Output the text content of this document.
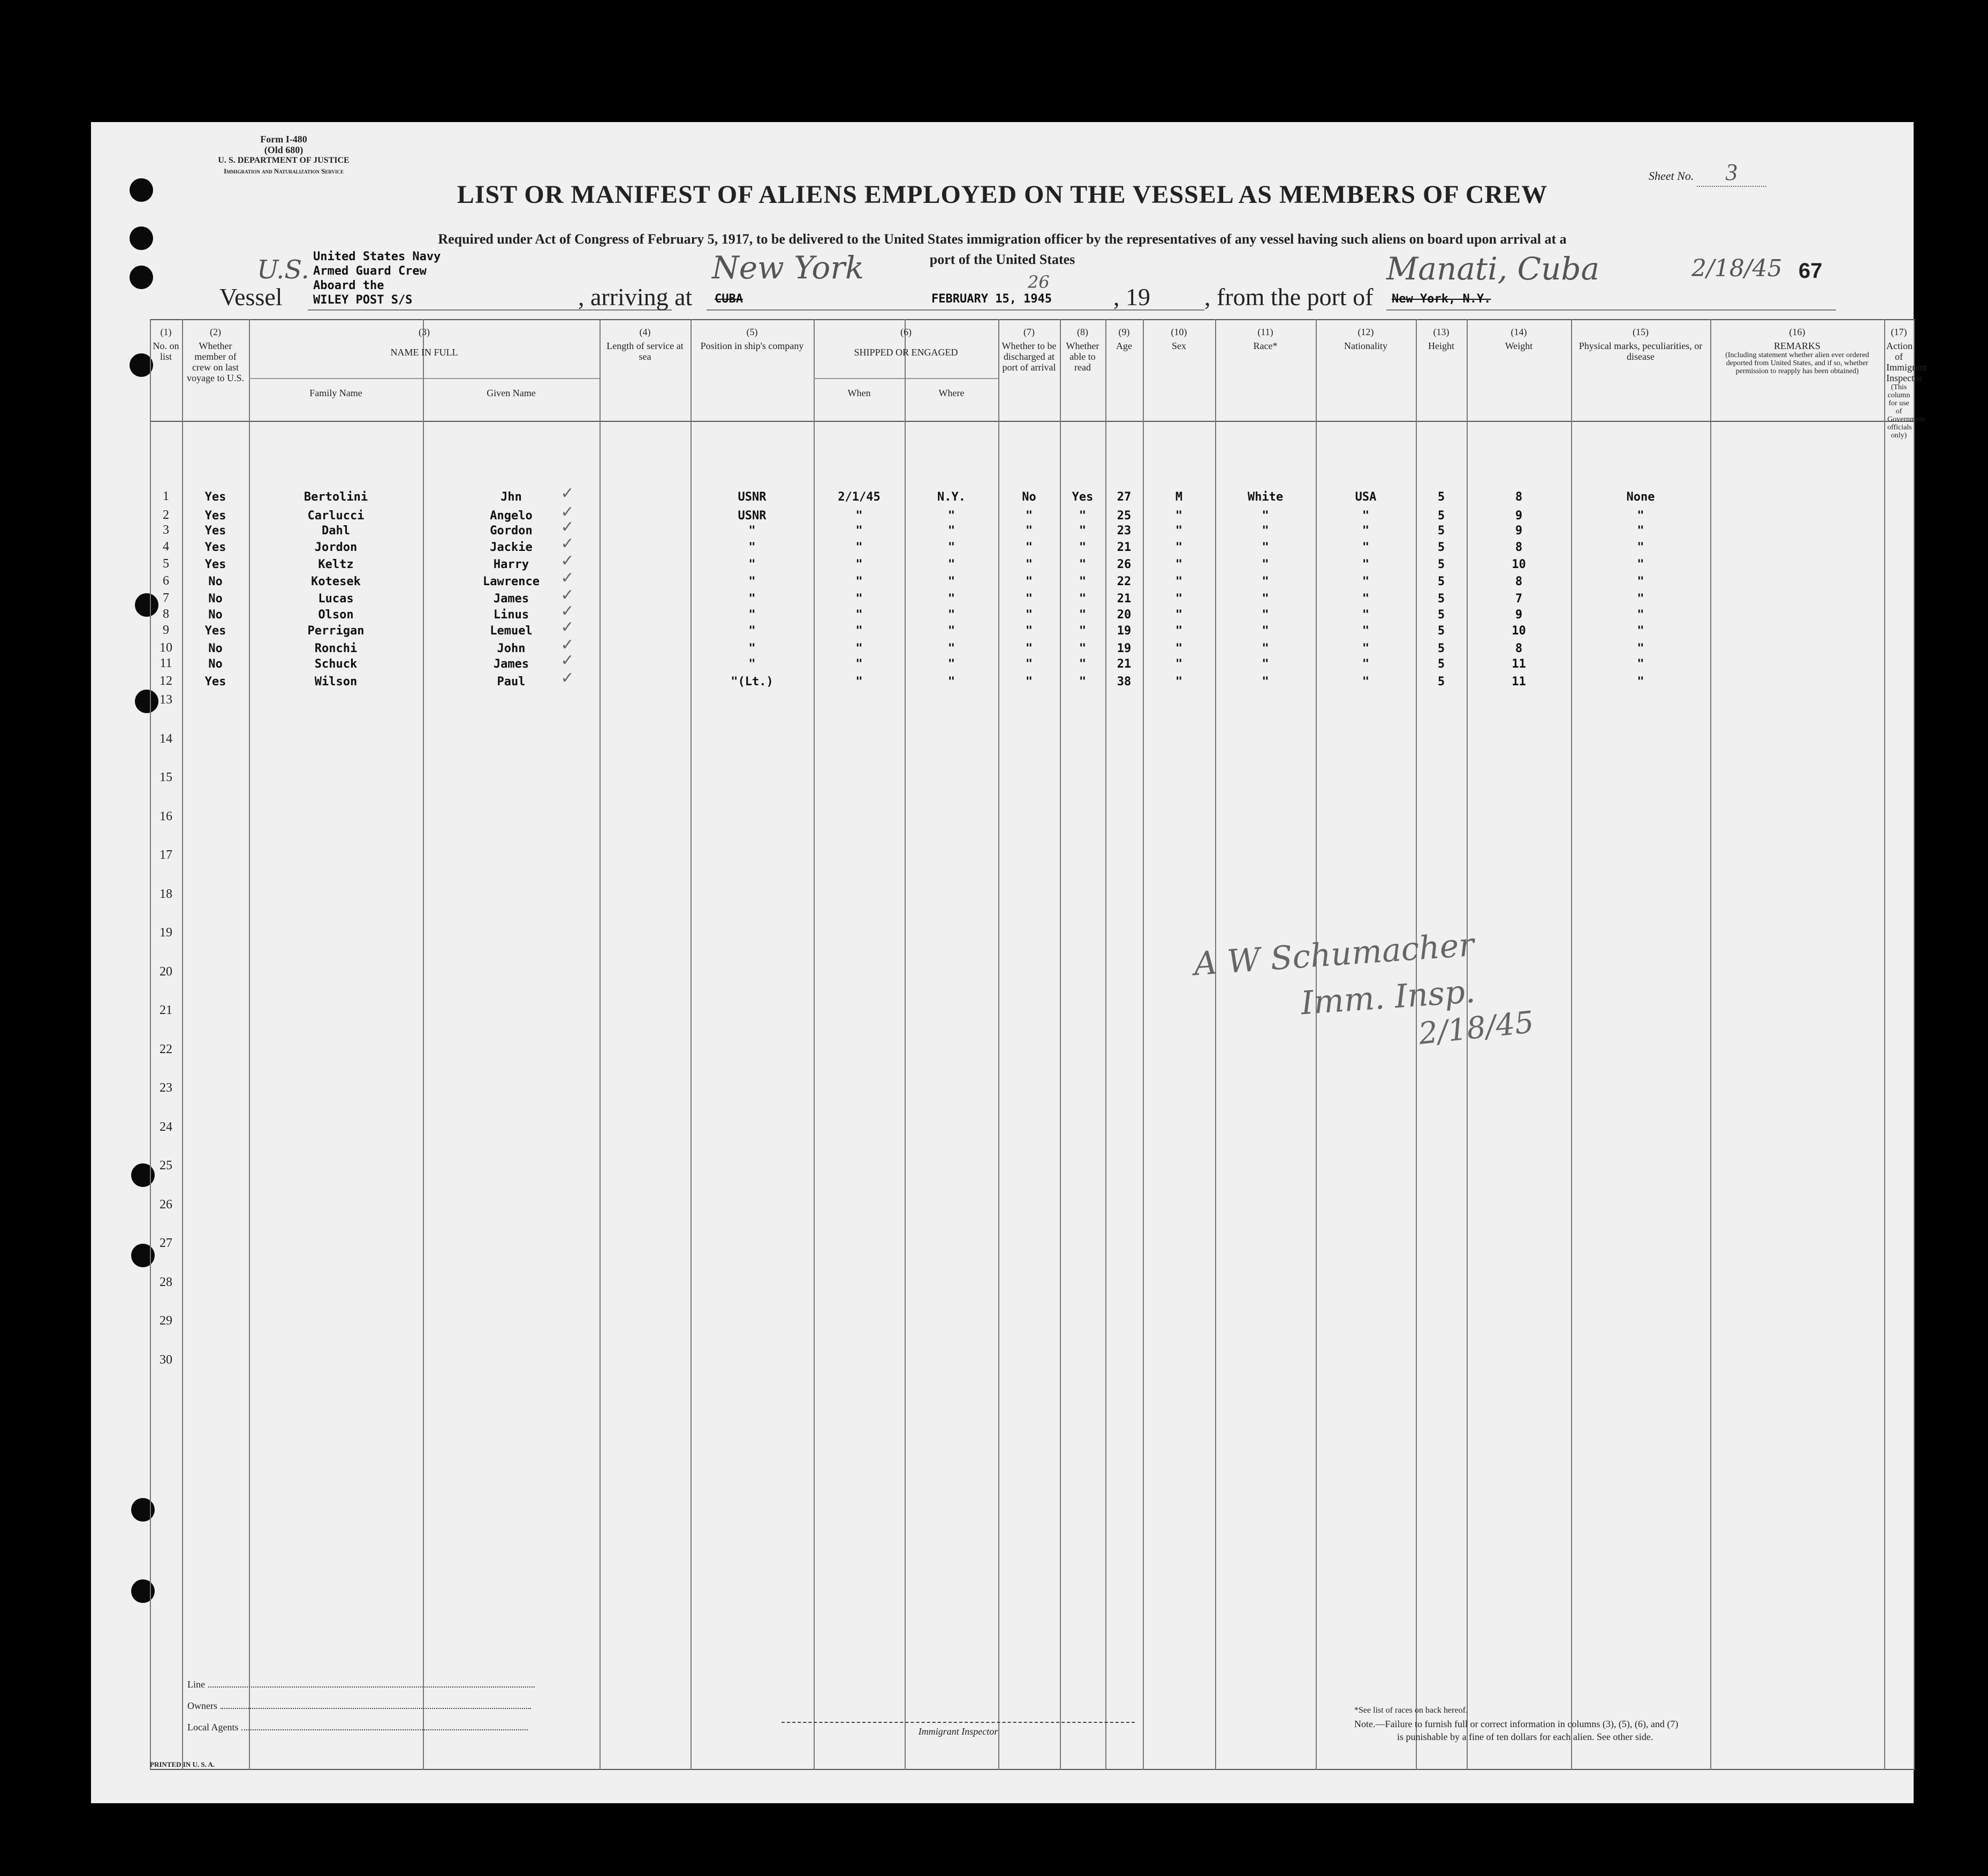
Form I-480
(Old 680)
U. S. DEPARTMENT OF JUSTICE
Immigration and Naturalization Service	Sheet No. 3
LIST OR MANIFEST OF ALIENS EMPLOYED ON THE VESSEL AS MEMBERS OF CREW
Required under Act of Congress of February 5, 1917, to be delivered to the United States immigration officer by the representatives of any vessel having such aliens on board upon arrival at a
port of the United States
Vessel
U.S. United States Navy
Armed Guard Crew
Aboard the
WILEY POST S/S	, arriving at CUBA
New York
FEBRUARY 15, 1945
26
, 19 , from the port of New York, N.Y.
Manati, Cuba	2/18/45 67
(1)
No. on list
(2)
Whether member of crew on last voyage to U.S.
(3)
NAME IN FULL
Family Name	Given Name
(4)
Length of service at sea
(5)
Position in ship's company
(6)
SHIPPED OR ENGAGED
When	Where
(7)
Whether to be discharged at port of arrival
(8)
Whether able to read
(9)
Age
(10)
Sex
(11)
Race*
(12)
Nationality
(13)
Height
(14)
Weight
(15)
Physical marks, peculiarities, or disease
(16)
REMARKS
(Including statement whether alien ever ordered deported from United States, and if so, whether permission to reapply has been obtained)
(17)
Action of Immigrant Inspector
(This column for use of Government officials only)
1	Yes	Bertolini	Jhn	USNR	2/1/45	N.Y.	No	Yes	27	M	White	USA	5	8	None
✓
2	Yes	Carlucci	Angelo	USNR	"	"	"	"	25	"	"	"	5	9	"
✓
3	Yes	Dahl	Gordon	"	"	"	"	"	23	"	"	"	5	9	"
✓
4	Yes	Jordon	Jackie	"	"	"	"	"	21	"	"	"	5	8	"
✓
5	Yes	Keltz	Harry	"	"	"	"	"	26	"	"	"	5	10	"
✓
6	No	Kotesek	Lawrence	"	"	"	"	"	22	"	"	"	5	8	"
✓
7	No	Lucas	James	"	"	"	"	"	21	"	"	"	5	7	"
✓
8	No	Olson	Linus	"	"	"	"	"	20	"	"	"	5	9	"
✓
9	Yes	Perrigan	Lemuel	"	"	"	"	"	19	"	"	"	5	10	"
✓
10	No	Ronchi	John	"	"	"	"	"	19	"	"	"	5	8	"
✓
11	No	Schuck	James	"	"	"	"	"	21	"	"	"	5	11	"
✓
12	Yes	Wilson	Paul	"(Lt.)	"	"	"	"	38	"	"	"	5	11	"
✓
13
14
15
16
17
18
19
20
21
22
23
24
25
26
27
28
29
30
A W Schumacher
Imm. Insp.
2/18/45
Line
Owners
Local Agents	Immigrant Inspector
*See list of races on back hereof.
Note.—Failure to furnish full or correct information in columns (3), (5), (6), and (7)
is punishable by a fine of ten dollars for each alien. See other side.
PRINTED IN U. S. A.
